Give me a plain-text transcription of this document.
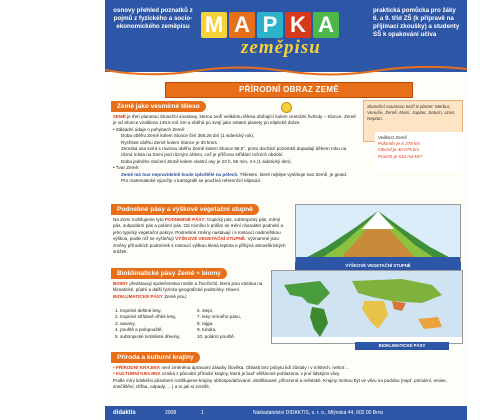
osnovy přehled poznatků z pojmů z fyzického a socio-ekonomického zeměpisu M A P K A
zeměpisu
praktická pomůcka pro žáky 6. a 9. tříd ZŠ (k přípravě na přijímací zkoušky) a studenty SŠ k opakování učiva
PŘÍRODNÍ OBRAZ ZEMĚ
Země jako vesmírné těleso
ZEMĚ je třetí planetou Sluneční soustavy, kterou tvoří velikému tělesa obíhající kolem centrální hvězdy – Slunce. Země je od Slunce vzdálena 149,6 mil. km a oběhá po svojí jako ostatní planety po eliptické dráze.
• Základní údaje o pohybech Země:
Doba oběhu Země kolem Slunce činí 365,26 dní (1 siderický rok).
Rychlost oběhu Země kolem Slunce je 30 km/s.
Zemská osa svírá s rovinou oběhu Země kolem Slunce 66,5°, proto dochází pozemků dopadají během roku na různá místa na Zemi pod různým úhlem, což je příčinou střídání ročních období.
Doba jedného otočení Země kolem vlastní osy je 23 h, 56 min, 4 s (1 siderický den).
• Tvar Země:
Země má tvar nepravidelně koule zploštělé na pólech. Tělesem, které nejlépe vystihuje tvar Země, je geoid.
Pro matematické výpočty v kartografii se používá referenční elipsoid.
Sluneční soustavu tvoří 8 planet: Merkur, Venuše, Země, Mars, Jupiter, Saturn, Uran, Neptun.
Velikost Země
Poloměr je 6 378 km
Obvod je 40 075 km
Povrch je 510 mil.km²
Podnebné pásy a výškové vegetační stupně
Na Zemi rozlišujeme tyto PODNEBNÉ PÁSY: tropický pás, subtropický pás, mírný pás, subpolární pás a polární pás. Od rovníku k pólům se mění charakter podnebí a jeho typický vegetační pokryv. Podnebné změny nastávají i s rostoucí nadmořskou výškou, podle níž se vyčleňují VÝŠKOVÉ VEGETAČNÍ STUPNĚ. Významné jsou změny přírodních podmínek s rostoucí výškou klesá teplota a přibývá atmosférických srážek.
VÝŠKOVÉ VEGETAČNÍ STUPNĚ
Bioklimatické pásy Země + biomy
BIOMY představují společenstva rostlin a živočichů, která jsou vázána na klimatické, půdní a další fyzicko-geografické podmínky. Hlavní BIOKLIMATICKÉ PÁSY Země jsou:
1. tropické deštné lesy,
2. tropické střídavě vlhké lesy,
3. savany,
4. pouště a polopouště,
5. subtropické tvrdolisté dřeviny,
6. stepi,
7. lesy mírného pásu,
8. tajga,
9. tundra,
10. polární pouště.
BIOKLIMATICKÉ PÁSY
Příroda a kulturní krajiny
• PŘÍRODNÍ KRAJINA není změněna úpravami zásahy člověka. Oblasti bez pobytu lidí zůstaly i v místech, neboť…
• KULTURNÍ KRAJINA vzniká z původní přírodní krajiny, která je bud' většinové pohlazena, v jiné lidskými vlivy.
Podle míry lidského působení rozlišujeme krajiny obhospodařované, obdělávané, přirozené a městské. Krajiny mohou být ve vlivu na podobu (např. primární, emise, znečištění, těžba, odpady, …) a to jak si zvnitřit.
didaktis	2008	1	Nakladatelství DIDAKTIS, s. r. o., Mlýnská 44, 602 00 Brno
